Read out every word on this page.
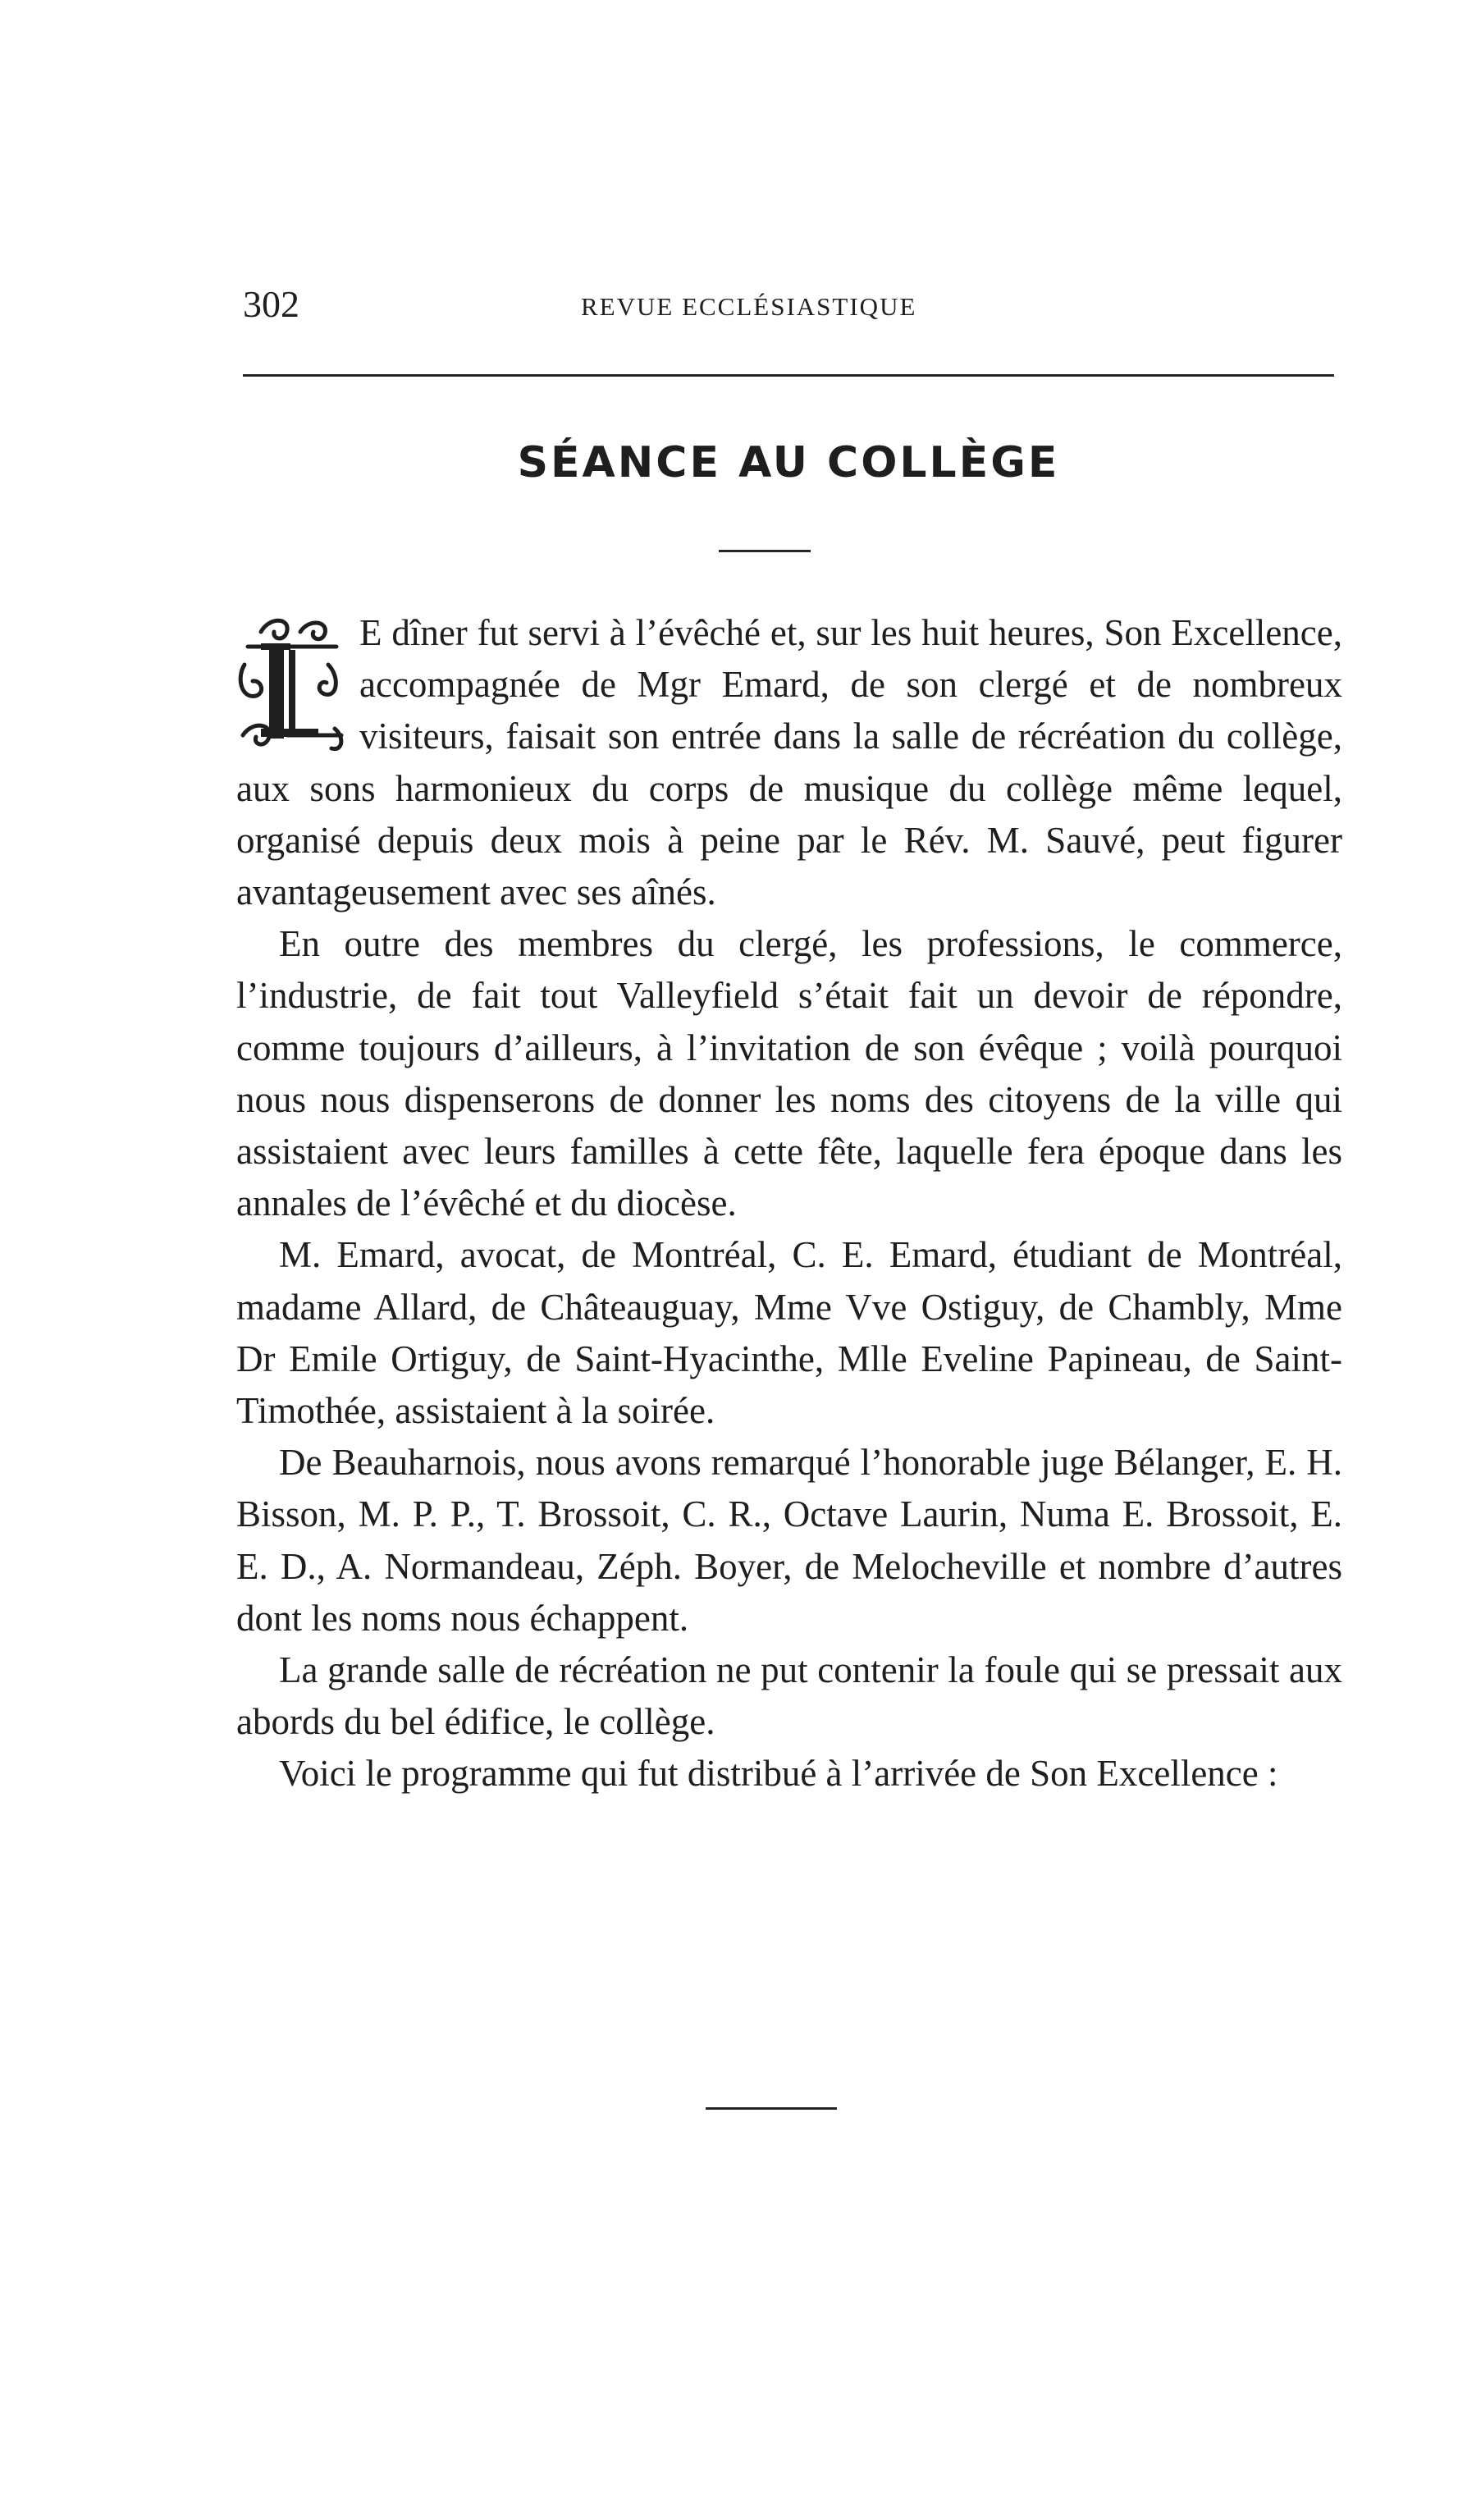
302	REVUE ECCLÉSIASTIQUE
SÉANCE AU COLLÈGE

E dîner fut servi à l’évêché et, sur les huit heures, Son Excellence, accompagnée de Mgr Emard, de son clergé et de nombreux visiteurs, faisait son entrée dans la salle de récréation du collège, aux sons harmonieux du corps de musique du collège même lequel, organisé depuis deux mois à peine par le Rév. M. Sauvé, peut figurer avantageusement avec ses aînés.

En outre des membres du clergé, les professions, le commerce, l’industrie, de fait tout Valleyfield s’était fait un devoir de répondre, comme toujours d’ailleurs, à l’invitation de son évêque ; voilà pourquoi nous nous dispenserons de donner les noms des citoyens de la ville qui assistaient avec leurs familles à cette fête, laquelle fera époque dans les annales de l’évêché et du diocèse.

M. Emard, avocat, de Montréal, C. E. Emard, étudiant de Montréal, madame Allard, de Châteauguay, Mme Vve Ostiguy, de Chambly, Mme Dr Emile Ortiguy, de Saint-Hyacinthe, Mlle Eveline Papineau, de Saint-Timothée, assistaient à la soirée.

De Beauharnois, nous avons remarqué l’honorable juge Bélanger, E. H. Bisson, M. P. P., T. Brossoit, C. R., Octave Laurin, Numa E. Brossoit, E. E. D., A. Normandeau, Zéph. Boyer, de Melocheville et nombre d’autres dont les noms nous échappent.

La grande salle de récréation ne put contenir la foule qui se pressait aux abords du bel édifice, le collège.

Voici le programme qui fut distribué à l’arrivée de Son Excellence :
